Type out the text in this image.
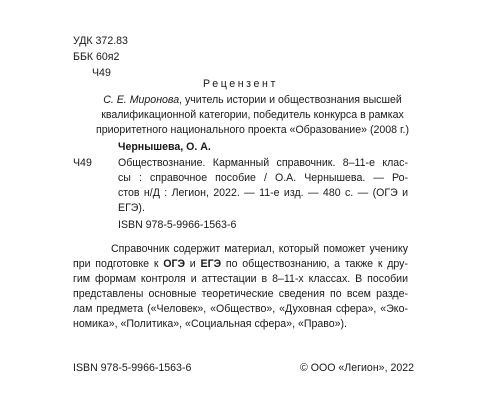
УДК 372.83
ББК 60я2
Ч49
Рецензент
С. Е. Миронова, учитель истории и обществознания высшей
квалификационной категории, победитель конкурса в рамках
приоритетного национального проекта «Образование» (2008 г.)
Чернышева, О. А.
Ч49 Обществознание. Карманный справочник. 8–11-е клас-
сы : справочное пособие / О.А. Чернышева. — Ро-
стов н/Д : Легион, 2022. — 11-е изд. — 480 с. — (ОГЭ и
ЕГЭ).
ISBN 978-5-9966-1563-6
Справочник содержит материал, который поможет ученику
при подготовке к ОГЭ и ЕГЭ по обществознанию, а также к дру-
гим формам контроля и аттестации в 8–11-х классах. В пособии
представлены основные теоретические сведения по всем разде-
лам предмета («Человек», «Общество», «Духовная сфера», «Эко-
номика», «Политика», «Социальная сфера», «Право»).
ISBN 978-5-9966-1563-6	© ООО «Легион», 2022
